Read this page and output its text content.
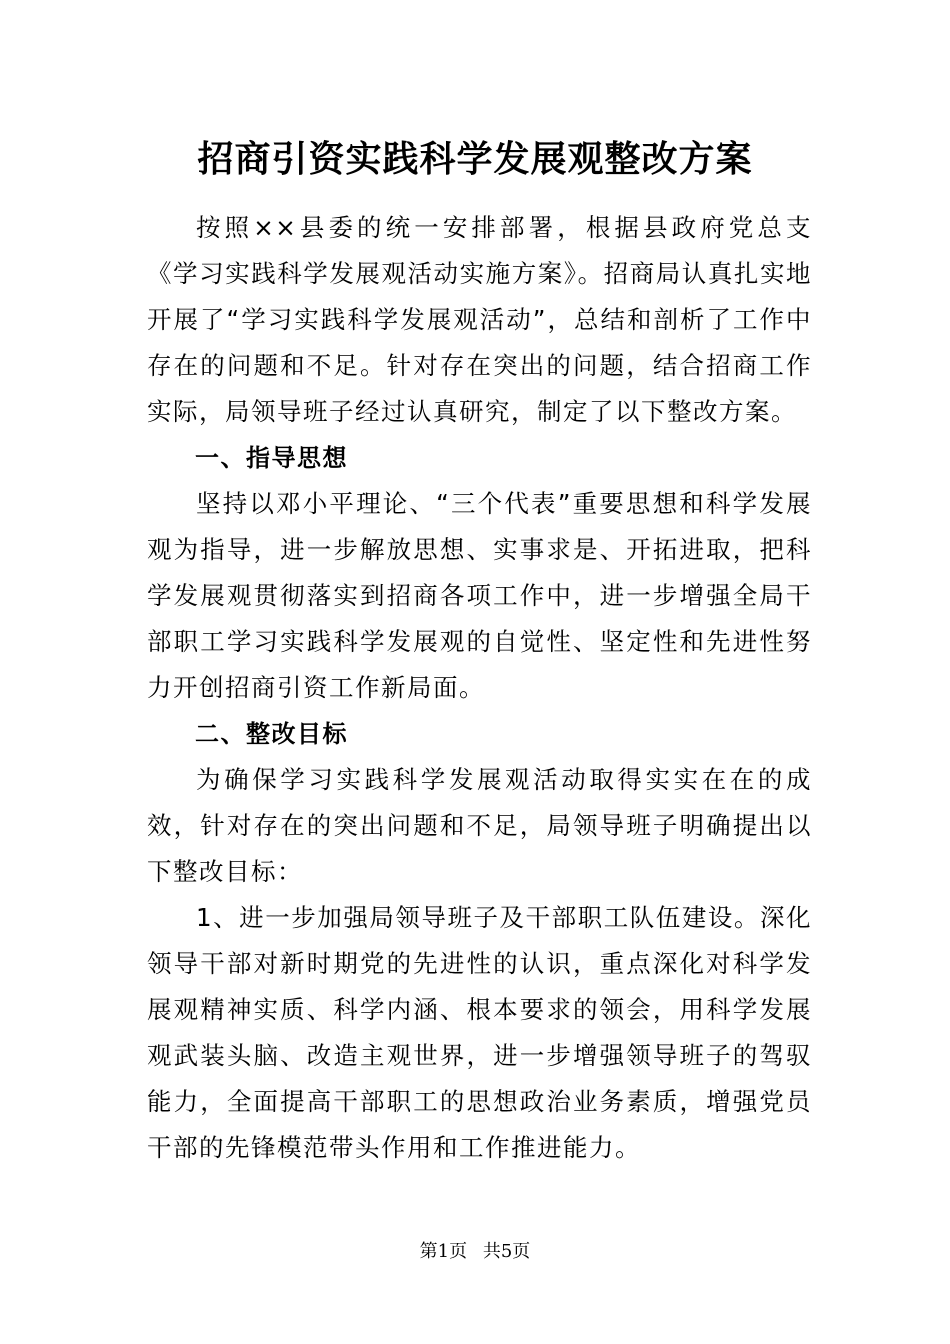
招商引资实践科学发展观整改方案

按照××县委的统一安排部署，根据县政府党总支《学习实践科学发展观活动实施方案》。招商局认真扎实地开展了“学习实践科学发展观活动”，总结和剖析了工作中存在的问题和不足。针对存在突出的问题，结合招商工作实际，局领导班子经过认真研究，制定了以下整改方案。

一、指导思想

坚持以邓小平理论、“三个代表”重要思想和科学发展观为指导，进一步解放思想、实事求是、开拓进取，把科学发展观贯彻落实到招商各项工作中，进一步增强全局干部职工学习实践科学发展观的自觉性、坚定性和先进性努力开创招商引资工作新局面。

二、整改目标

为确保学习实践科学发展观活动取得实实在在的成效，针对存在的突出问题和不足，局领导班子明确提出以下整改目标：

1、进一步加强局领导班子及干部职工队伍建设。深化领导干部对新时期党的先进性的认识，重点深化对科学发展观精神实质、科学内涵、根本要求的领会，用科学发展观武装头脑、改造主观世界，进一步增强领导班子的驾驭能力，全面提高干部职工的思想政治业务素质，增强党员干部的先锋模范带头作用和工作推进能力。

第1页 共5页
